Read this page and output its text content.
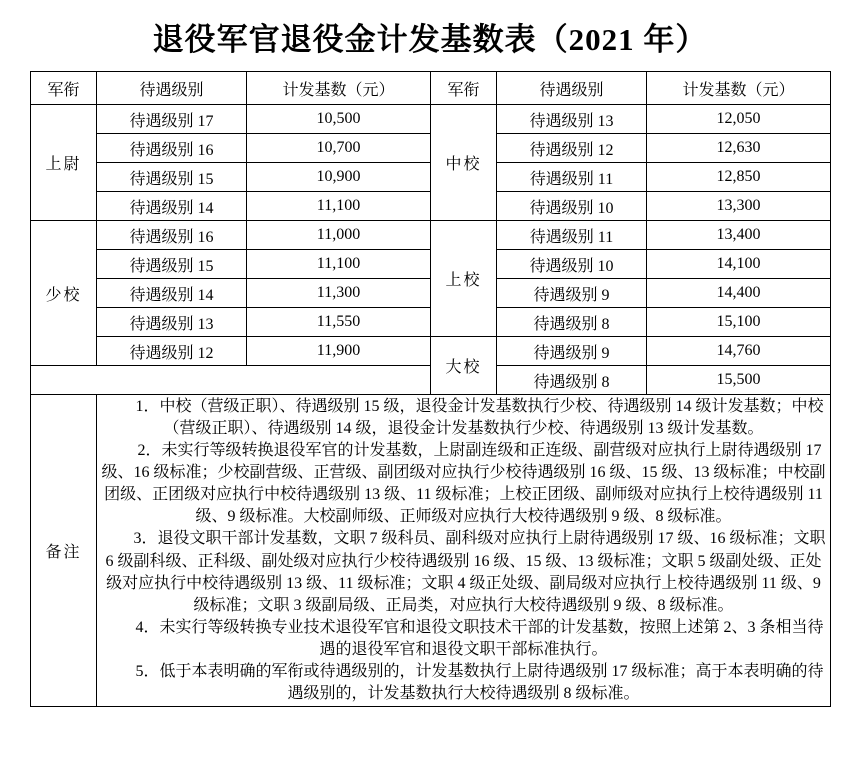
退役军官退役金计发基数表（2021 年）
军衔	待遇级别	计发基数（元）	军衔	待遇级别	计发基数（元）
上尉	待遇级别 17	10,500	中校	待遇级别 13	12,050
	待遇级别 16	10,700		待遇级别 12	12,630
	待遇级别 15	10,900		待遇级别 11	12,850
	待遇级别 14	11,100		待遇级别 10	13,300
少校	待遇级别 16	11,000	上校	待遇级别 11	13,400
	待遇级别 15	11,100		待遇级别 10	14,100
	待遇级别 14	11,300		待遇级别 9	14,400
	待遇级别 13	11,550		待遇级别 8	15,100
	待遇级别 12	11,900	大校	待遇级别 9	14,760
				待遇级别 8	15,500
备注	1．中校（营级正职）、待遇级别 15 级，退役金计发基数执行少校、待遇级别 14 级计发基数；中校（营级正职）、待遇级别 14 级，退役金计发基数执行少校、待遇级别 13 级计发基数。

2．未实行等级转换退役军官的计发基数，上尉副连级和正连级、副营级对应执行上尉待遇级别 17 级、16 级标准；少校副营级、正营级、副团级对应执行少校待遇级别 16 级、15 级、13 级标准；中校副团级、正团级对应执行中校待遇级别 13 级、11 级标准；上校正团级、副师级对应执行上校待遇级别 11 级、9 级标准。大校副师级、正师级对应执行大校待遇级别 9 级、8 级标准。

3．退役文职干部计发基数，文职 7 级科员、副科级对应执行上尉待遇级别 17 级、16 级标准；文职 6 级副科级、正科级、副处级对应执行少校待遇级别 16 级、15 级、13 级标准；文职 5 级副处级、正处级对应执行中校待遇级别 13 级、11 级标准；文职 4 级正处级、副局级对应执行上校待遇级别 11 级、9 级标准；文职 3 级副局级、正局类，对应执行大校待遇级别 9 级、8 级标准。

4．未实行等级转换专业技术退役军官和退役文职技术干部的计发基数，按照上述第 2、3 条相当待遇的退役军官和退役文职干部标准执行。

5．低于本表明确的军衔或待遇级别的，计发基数执行上尉待遇级别 17 级标准；高于本表明确的待遇级别的，计发基数执行大校待遇级别 8 级标准。				
